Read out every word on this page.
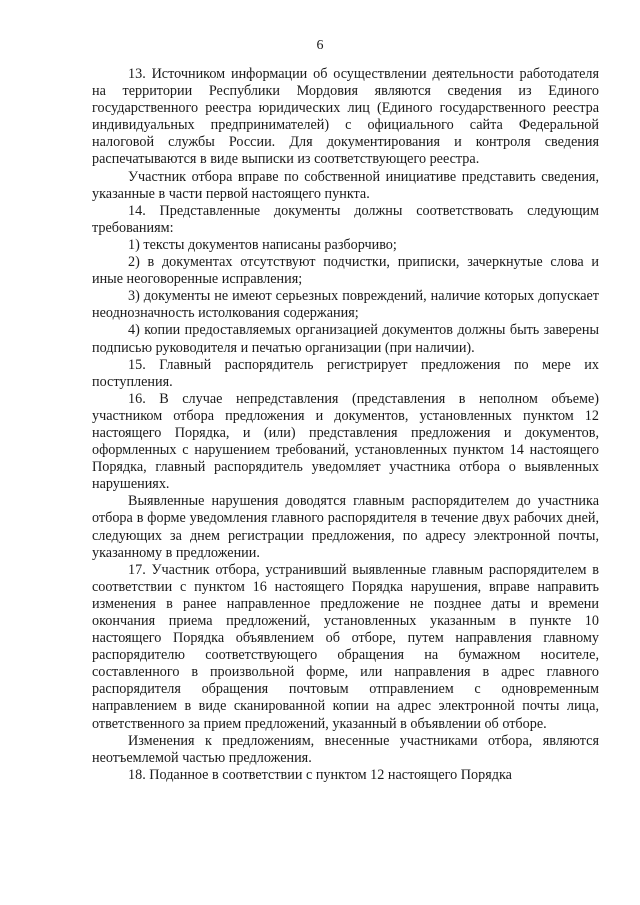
6

13. Источником информации об осуществлении деятельности работодателя на территории Республики Мордовия являются сведения из Единого государственного реестра юридических лиц (Единого государственного реестра индивидуальных предпринимателей) с официального сайта Федеральной налоговой службы России. Для документирования и контроля сведения распечатываются в виде выписки из соответствующего реестра.

Участник отбора вправе по собственной инициативе представить сведения, указанные в части первой настоящего пункта.

14. Представленные документы должны соответствовать следующим требованиям:

1) тексты документов написаны разборчиво;

2) в документах отсутствуют подчистки, приписки, зачеркнутые слова и иные неоговоренные исправления;

3) документы не имеют серьезных повреждений, наличие которых допускает неоднозначность истолкования содержания;

4) копии предоставляемых организацией документов должны быть заверены подписью руководителя и печатью организации (при наличии).

15. Главный распорядитель регистрирует предложения по мере их поступления.

16. В случае непредставления (представления в неполном объеме) участником отбора предложения и документов, установленных пунктом 12 настоящего Порядка, и (или) представления предложения и документов, оформленных с нарушением требований, установленных пунктом 14 настоящего Порядка, главный распорядитель уведомляет участника отбора о выявленных нарушениях.

Выявленные нарушения доводятся главным распорядителем до участника отбора в форме уведомления главного распорядителя в течение двух рабочих дней, следующих за днем регистрации предложения, по адресу электронной почты, указанному в предложении.

17. Участник отбора, устранивший выявленные главным распорядителем в соответствии с пунктом 16 настоящего Порядка нарушения, вправе направить изменения в ранее направленное предложение не позднее даты и времени окончания приема предложений, установленных указанным в пункте 10 настоящего Порядка объявлением об отборе, путем направления главному распорядителю соответствующего обращения на бумажном носителе, составленного в произвольной форме, или направления в адрес главного распорядителя обращения почтовым отправлением с одновременным направлением в виде сканированной копии на адрес электронной почты лица, ответственного за прием предложений, указанный в объявлении об отборе.

Изменения к предложениям, внесенные участниками отбора, являются неотъемлемой частью предложения.

18. Поданное в соответствии с пунктом 12 настоящего Порядка
